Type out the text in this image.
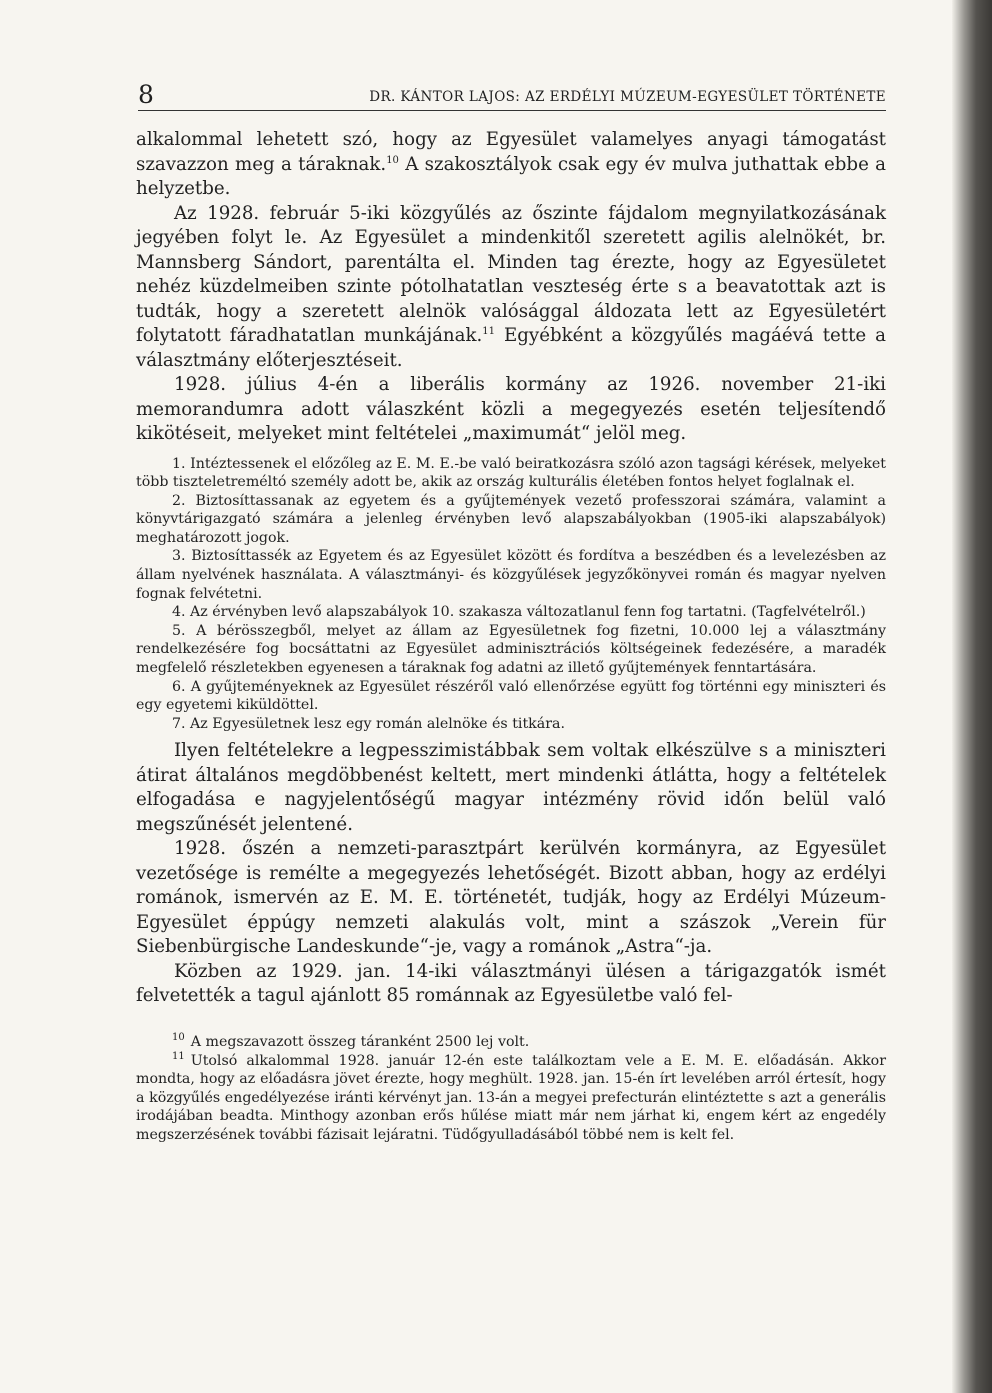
8	DR. KÁNTOR LAJOS: AZ ERDÉLYI MÚZEUM-EGYESÜLET TÖRTÉNETE

alkalommal lehetett szó, hogy az Egyesület valamelyes anyagi támogatást szavazzon meg a táraknak.$^{10}$ A szakosztályok csak egy év mulva juthattak ebbe a helyzetbe.

Az 1928. február 5-iki közgyűlés az őszinte fájdalom megnyilatkozásának jegyében folyt le. Az Egyesület a mindenkitől szeretett agilis alelnökét, br. Mannsberg Sándort, parentálta el. Minden tag érezte, hogy az Egyesületet nehéz küzdelmeiben szinte pótolhatatlan veszteség érte s a beavatottak azt is tudták, hogy a szeretett alelnök valósággal áldozata lett az Egyesületért folytatott fáradhatatlan munkájának.$^{11}$ Egyébként a közgyűlés magáévá tette a választmány előterjesztéseit.

1928. július 4-én a liberális kormány az 1926. november 21-iki memorandumra adott válaszként közli a megegyezés esetén teljesítendő kikötéseit, melyeket mint feltételei „maximumát“ jelöl meg.

1. Intéztessenek el előzőleg az E. M. E.-be való beiratkozásra szóló azon tagsági kérések, melyeket több tiszteletreméltó személy adott be, akik az ország kulturális életében fontos helyet foglalnak el.

2. Biztosíttassanak az egyetem és a gyűjtemények vezető professzorai számára, valamint a könyvtárigazgató számára a jelenleg érvényben levő alapszabályokban (1905-iki alapszabályok) meghatározott jogok.

3. Biztosíttassék az Egyetem és az Egyesület között és fordítva a beszédben és a levelezésben az állam nyelvének használata. A választmányi- és közgyűlések jegyzőkönyvei román és magyar nyelven fognak felvétetni.

4. Az érvényben levő alapszabályok 10. szakasza változatlanul fenn fog tartatni. (Tagfelvételről.)

5. A bérösszegből, melyet az állam az Egyesületnek fog fizetni, 10.000 lej a választmány rendelkezésére fog bocsáttatni az Egyesület adminisztrációs költségeinek fedezésére, a maradék megfelelő részletekben egyenesen a táraknak fog adatni az illető gyűjtemények fenntartására.

6. A gyűjteményeknek az Egyesület részéről való ellenőrzése együtt fog történni egy miniszteri és egy egyetemi kiküldöttel.

7. Az Egyesületnek lesz egy román alelnöke és titkára.

Ilyen feltételekre a legpesszimistábbak sem voltak elkészülve s a miniszteri átirat általános megdöbbenést keltett, mert mindenki átlátta, hogy a feltételek elfogadása e nagyjelentőségű magyar intézmény rövid időn belül való megszűnését jelentené.

1928. őszén a nemzeti-parasztpárt kerülvén kormányra, az Egyesület vezetősége is remélte a megegyezés lehetőségét. Bizott abban, hogy az erdélyi románok, ismervén az E. M. E. történetét, tudják, hogy az Erdélyi Múzeum-Egyesület éppúgy nemzeti alakulás volt, mint a szászok „Verein für Siebenbürgische Landeskunde“-je, vagy a románok „Astra“-ja.

Közben az 1929. jan. 14-iki választmányi ülésen a tárigazgatók ismét felvetették a tagul ajánlott 85 románnak az Egyesületbe való fel-

$^{10}$ A megszavazott összeg táranként 2500 lej volt.

$^{11}$ Utolsó alkalommal 1928. január 12-én este találkoztam vele a E. M. E. előadásán. Akkor mondta, hogy az előadásra jövet érezte, hogy meghült. 1928. jan. 15-én írt levelében arról értesít, hogy a közgyűlés engedélyezése iránti kérvényt jan. 13-án a megyei prefecturán elintéztette s azt a generális irodájában beadta. Minthogy azonban erős hűlése miatt már nem járhat ki, engem kért az engedély megszerzésének további fázisait lejáratni. Tüdőgyulladásából többé nem is kelt fel.
